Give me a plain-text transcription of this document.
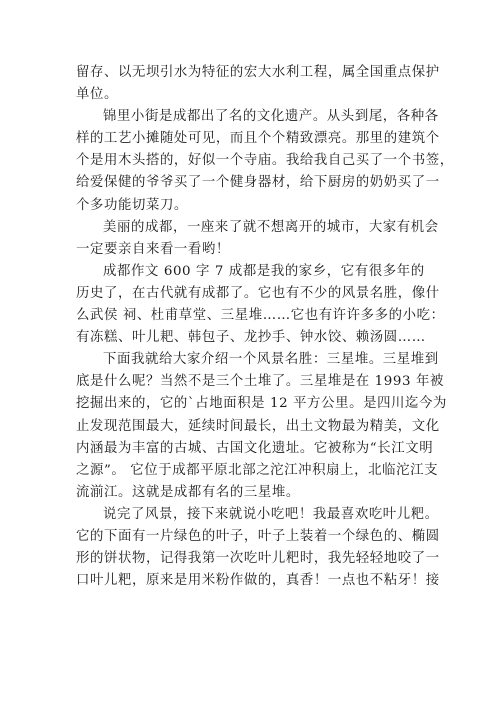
留存、以无坝引水为特征的宏大水利工程，属全国重点保护
单位。

锦里小街是成都出了名的文化遗产。从头到尾，各种各
样的工艺小摊随处可见，而且个个精致漂亮。那里的建筑个
个是用木头搭的，好似一个寺庙。我给我自己买了一个书签，
给爱保健的爷爷买了一个健身器材，给下厨房的奶奶买了一
个多功能切菜刀。

美丽的成都，一座来了就不想离开的城市，大家有机会
一定要亲自来看一看哟！

成都作文 600 字 7 成都是我的家乡，它有很多年的
历史了，在古代就有成都了。它也有不少的风景名胜，像什
么武侯 祠、杜甫草堂、三星堆……它也有许许多多的小吃：
有冻糕、叶儿耙、韩包子、龙抄手、钟水饺、赖汤圆……

下面我就给大家介绍一个风景名胜：三星堆。三星堆到
底是什么呢？当然不是三个土堆了。三星堆是在 1993 年被
挖掘出来的，它的ˋ占地面积是 12 平方公里。是四川迄今为
止发现范围最大，延续时间最长，出土文物最为精美，文化
内涵最为丰富的古城、古国文化遗址。它被称为“长江文明
之源”。 它位于成都平原北部之沱江冲积扇上，北临沱江支
流湔江。这就是成都有名的三星堆。

说完了风景，接下来就说小吃吧！我最喜欢吃叶儿粑。
它的下面有一片绿色的叶子，叶子上装着一个绿色的、椭圆
形的饼状物，记得我第一次吃叶儿粑时，我先轻轻地咬了一
口叶儿粑，原来是用米粉作做的，真香！一点也不粘牙！接
